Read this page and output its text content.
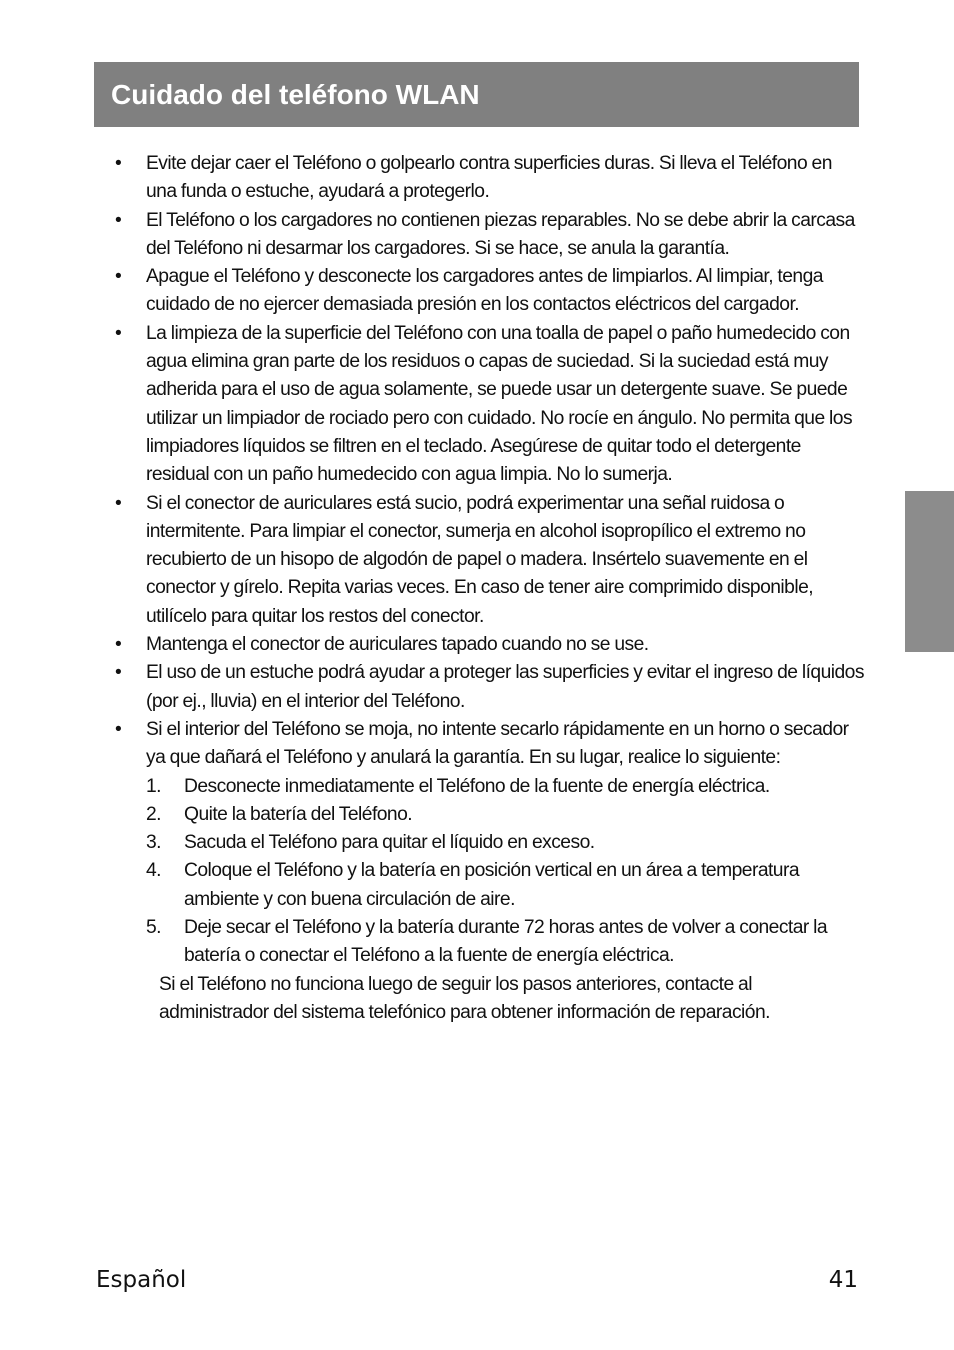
Cuidado del teléfono WLAN
• Evite dejar caer el Teléfono o golpearlo contra superficies duras. Si lleva el Teléfono en una funda o estuche, ayudará a protegerlo.
• El Teléfono o los cargadores no contienen piezas reparables. No se debe abrir la carcasa del Teléfono ni desarmar los cargadores. Si se hace, se anula la garantía.
• Apague el Teléfono y desconecte los cargadores antes de limpiarlos. Al limpiar, tenga cuidado de no ejercer demasiada presión en los contactos eléctricos del cargador.
• La limpieza de la superficie del Teléfono con una toalla de papel o paño humedecido con agua elimina gran parte de los residuos o capas de suciedad. Si la suciedad está muy adherida para el uso de agua solamente, se puede usar un detergente suave. Se puede utilizar un limpiador de rociado pero con cuidado. No rocíe en ángulo. No permita que los limpiadores líquidos se filtren en el teclado. Asegúrese de quitar todo el detergente residual con un paño humedecido con agua limpia. No lo sumerja.
• Si el conector de auriculares está sucio, podrá experimentar una señal ruidosa o intermitente. Para limpiar el conector, sumerja en alcohol isopropílico el extremo no recubierto de un hisopo de algodón de papel o madera. Insértelo suavemente en el conector y gírelo. Repita varias veces. En caso de tener aire comprimido disponible, utilícelo para quitar los restos del conector.
• Mantenga el conector de auriculares tapado cuando no se use.
• El uso de un estuche podrá ayudar a proteger las superficies y evitar el ingreso de líquidos (por ej., lluvia) en el interior del Teléfono.
• Si el interior del Teléfono se moja, no intente secarlo rápidamente en un horno o secador ya que dañará el Teléfono y anulará la garantía. En su lugar, realice lo siguiente:
1. Desconecte inmediatamente el Teléfono de la fuente de energía eléctrica.
2. Quite la batería del Teléfono.
3. Sacuda el Teléfono para quitar el líquido en exceso.
4. Coloque el Teléfono y la batería en posición vertical en un área a temperatura ambiente y con buena circulación de aire.
5. Deje secar el Teléfono y la batería durante 72 horas antes de volver a conectar la batería o conectar el Teléfono a la fuente de energía eléctrica.

Si el Teléfono no funciona luego de seguir los pasos anteriores, contacte al administrador del sistema telefónico para obtener información de reparación.

Español	41
